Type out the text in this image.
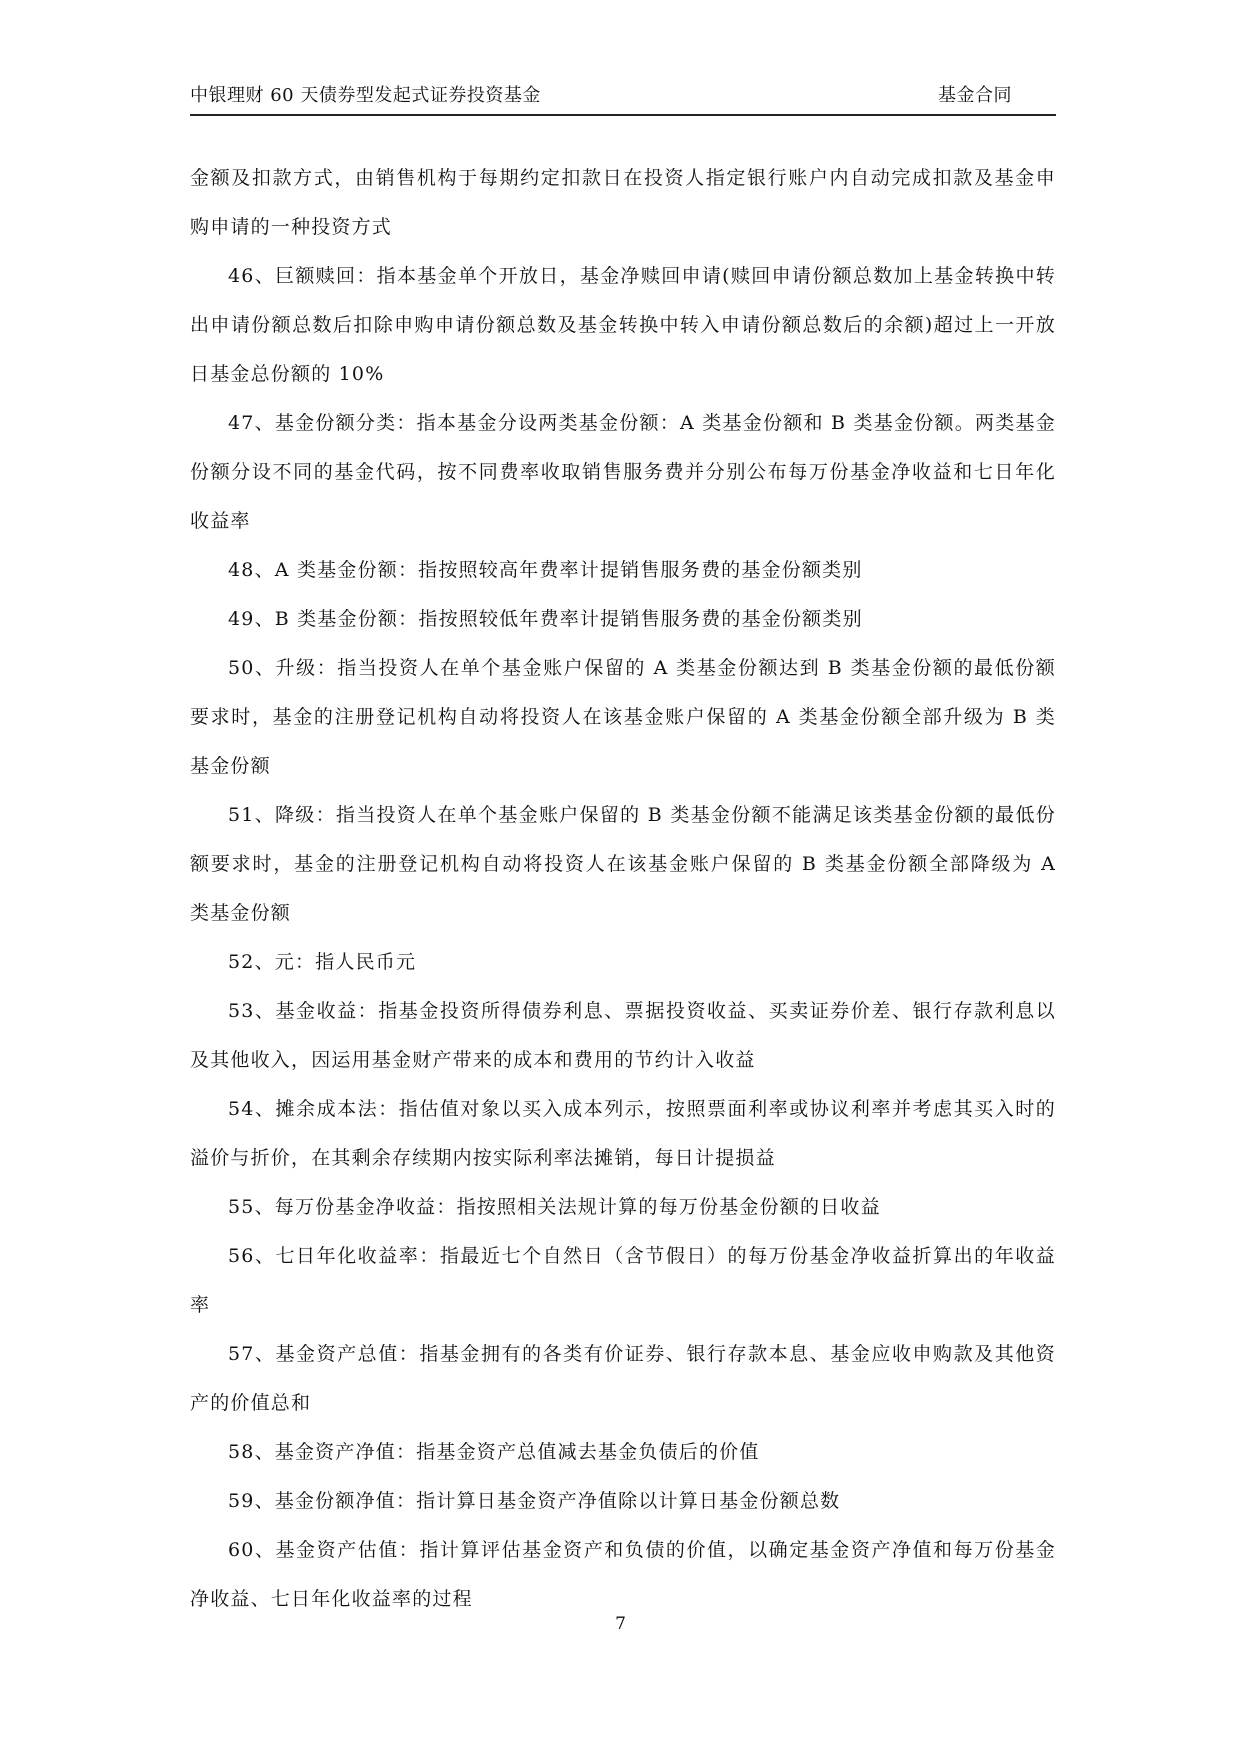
中银理财 60 天债券型发起式证券投资基金	基金合同

金额及扣款方式，由销售机构于每期约定扣款日在投资人指定银行账户内自动完成扣款及基金申购申请的一种投资方式

46、巨额赎回：指本基金单个开放日，基金净赎回申请(赎回申请份额总数加上基金转换中转出申请份额总数后扣除申购申请份额总数及基金转换中转入申请份额总数后的余额)超过上一开放日基金总份额的 10%

47、基金份额分类：指本基金分设两类基金份额：A 类基金份额和 B 类基金份额。两类基金份额分设不同的基金代码，按不同费率收取销售服务费并分别公布每万份基金净收益和七日年化收益率

48、A 类基金份额：指按照较高年费率计提销售服务费的基金份额类别

49、B 类基金份额：指按照较低年费率计提销售服务费的基金份额类别

50、升级：指当投资人在单个基金账户保留的 A 类基金份额达到 B 类基金份额的最低份额要求时，基金的注册登记机构自动将投资人在该基金账户保留的 A 类基金份额全部升级为 B 类基金份额

51、降级：指当投资人在单个基金账户保留的 B 类基金份额不能满足该类基金份额的最低份额要求时，基金的注册登记机构自动将投资人在该基金账户保留的 B 类基金份额全部降级为 A 类基金份额

52、元：指人民币元

53、基金收益：指基金投资所得债券利息、票据投资收益、买卖证券价差、银行存款利息以及其他收入，因运用基金财产带来的成本和费用的节约计入收益

54、摊余成本法：指估值对象以买入成本列示，按照票面利率或协议利率并考虑其买入时的溢价与折价，在其剩余存续期内按实际利率法摊销，每日计提损益

55、每万份基金净收益：指按照相关法规计算的每万份基金份额的日收益

56、七日年化收益率：指最近七个自然日（含节假日）的每万份基金净收益折算出的年收益率

57、基金资产总值：指基金拥有的各类有价证券、银行存款本息、基金应收申购款及其他资产的价值总和

58、基金资产净值：指基金资产总值减去基金负债后的价值

59、基金份额净值：指计算日基金资产净值除以计算日基金份额总数

60、基金资产估值：指计算评估基金资产和负债的价值，以确定基金资产净值和每万份基金净收益、七日年化收益率的过程

7
